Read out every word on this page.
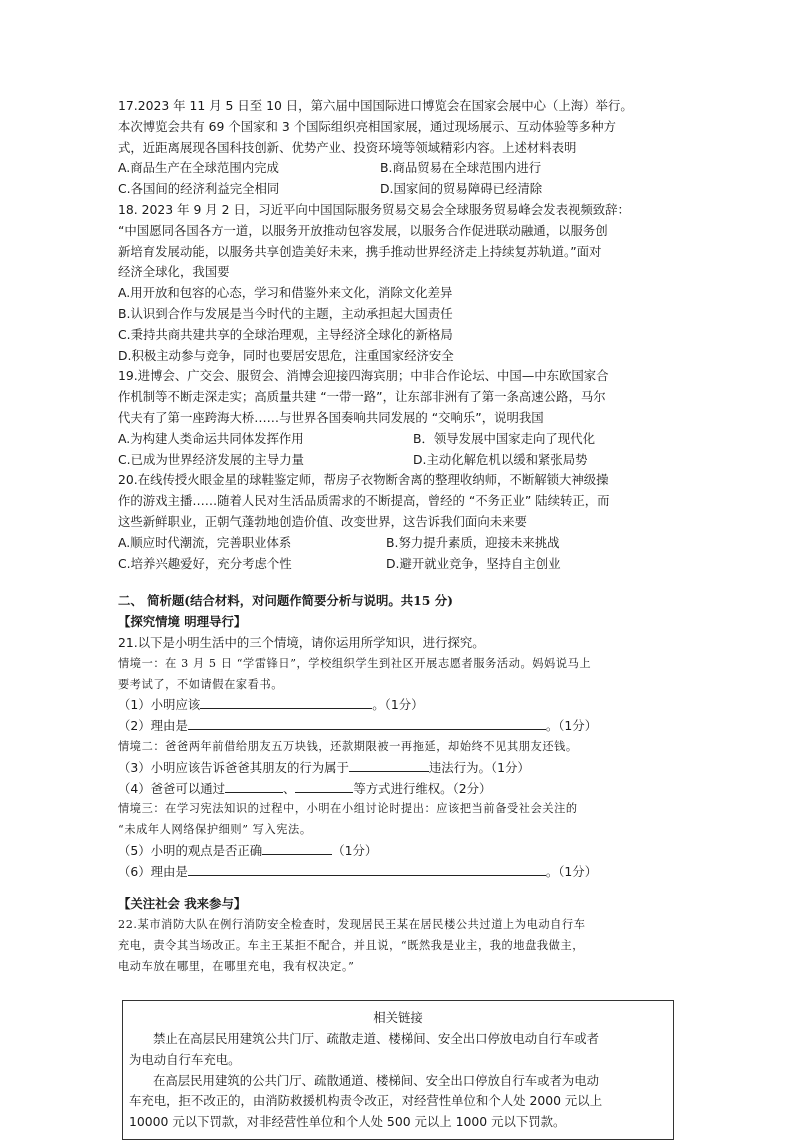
17.2023 年 11 月 5 日至 10 日，第六届中国国际进口博览会在国家会展中心（上海）举行。
本次博览会共有 69 个国家和 3 个国际组织亮相国家展，通过现场展示、互动体验等多种方
式，近距离展现各国科技创新、优势产业、投资环境等领域精彩内容。上述材料表明
A.商品生产在全球范围内完成	B.商品贸易在全球范围内进行
C.各国间的经济利益完全相同	D.国家间的贸易障碍已经清除
18. 2023 年 9 月 2 日，习近平向中国国际服务贸易交易会全球服务贸易峰会发表视频致辞：
“中国愿同各国各方一道，以服务开放推动包容发展，以服务合作促进联动融通，以服务创
新培育发展动能，以服务共享创造美好未来，携手推动世界经济走上持续复苏轨道。”面对
经济全球化，我国要
A.用开放和包容的心态，学习和借鉴外来文化，消除文化差异
B.认识到合作与发展是当今时代的主题，主动承担起大国责任
C.秉持共商共建共享的全球治理观，主导经济全球化的新格局
D.积极主动参与竞争，同时也要居安思危，注重国家经济安全
19.进博会、广交会、服贸会、消博会迎接四海宾朋；中非合作论坛、中国—中东欧国家合
作机制等不断走深走实；高质量共建 “一带一路”，让东部非洲有了第一条高速公路，马尔
代夫有了第一座跨海大桥……与世界各国奏响共同发展的 “交响乐”，说明我国
A.为构建人类命运共同体发挥作用	B．领导发展中国家走向了现代化
C.已成为世界经济发展的主导力量	D.主动化解危机以缓和紧张局势
20.在线传授火眼金星的球鞋鉴定师，帮房子衣物断舍离的整理收纳师，不断解锁大神级操
作的游戏主播……随着人民对生活品质需求的不断提高，曾经的 “不务正业” 陆续转正，而
这些新鲜职业，正朝气蓬勃地创造价值、改变世界，这告诉我们面向未来要
A.顺应时代潮流，完善职业体系	B.努力提升素质，迎接未来挑战
C.培养兴趣爱好，充分考虑个性	D.避开就业竞争，坚持自主创业
二、 简析题(结合材料，对问题作简要分析与说明。共15 分)
【探究情境 明理导行】
21.以下是小明生活中的三个情境，请你运用所学知识，进行探究。
情境一：在 3 月 5 日 “学雷锋日”，学校组织学生到社区开展志愿者服务活动。妈妈说马上
要考试了，不如请假在家看书。
（1）小明应该	。（1分）
（2）理由是	。（1分）
情境二：爸爸两年前借给朋友五万块钱，还款期限被一再拖延，却始终不见其朋友还钱。
（3）小明应该告诉爸爸其朋友的行为属于	违法行为。（1分）
（4）爸爸可以通过	、	等方式进行维权。（2分）
情境三：在学习宪法知识的过程中，小明在小组讨论时提出：应该把当前备受社会关注的
“未成年人网络保护细则” 写入宪法。
（5）小明的观点是否正确	（1分）
（6）理由是	。（1分）
【关注社会 我来参与】
22.某市消防大队在例行消防安全检查时，发现居民王某在居民楼公共过道上为电动自行车
充电，责令其当场改正。车主王某拒不配合，并且说，“既然我是业主，我的地盘我做主，
电动车放在哪里，在哪里充电，我有权决定。”
相关链接
禁止在高层民用建筑公共门厅、疏散走道、楼梯间、安全出口停放电动自行车或者
为电动自行车充电。
在高层民用建筑的公共门厅、疏散通道、楼梯间、安全出口停放自行车或者为电动
车充电，拒不改正的，由消防救援机构责令改正，对经营性单位和个人处 2000 元以上
10000 元以下罚款，对非经营性单位和个人处 500 元以上 1000 元以下罚款。
